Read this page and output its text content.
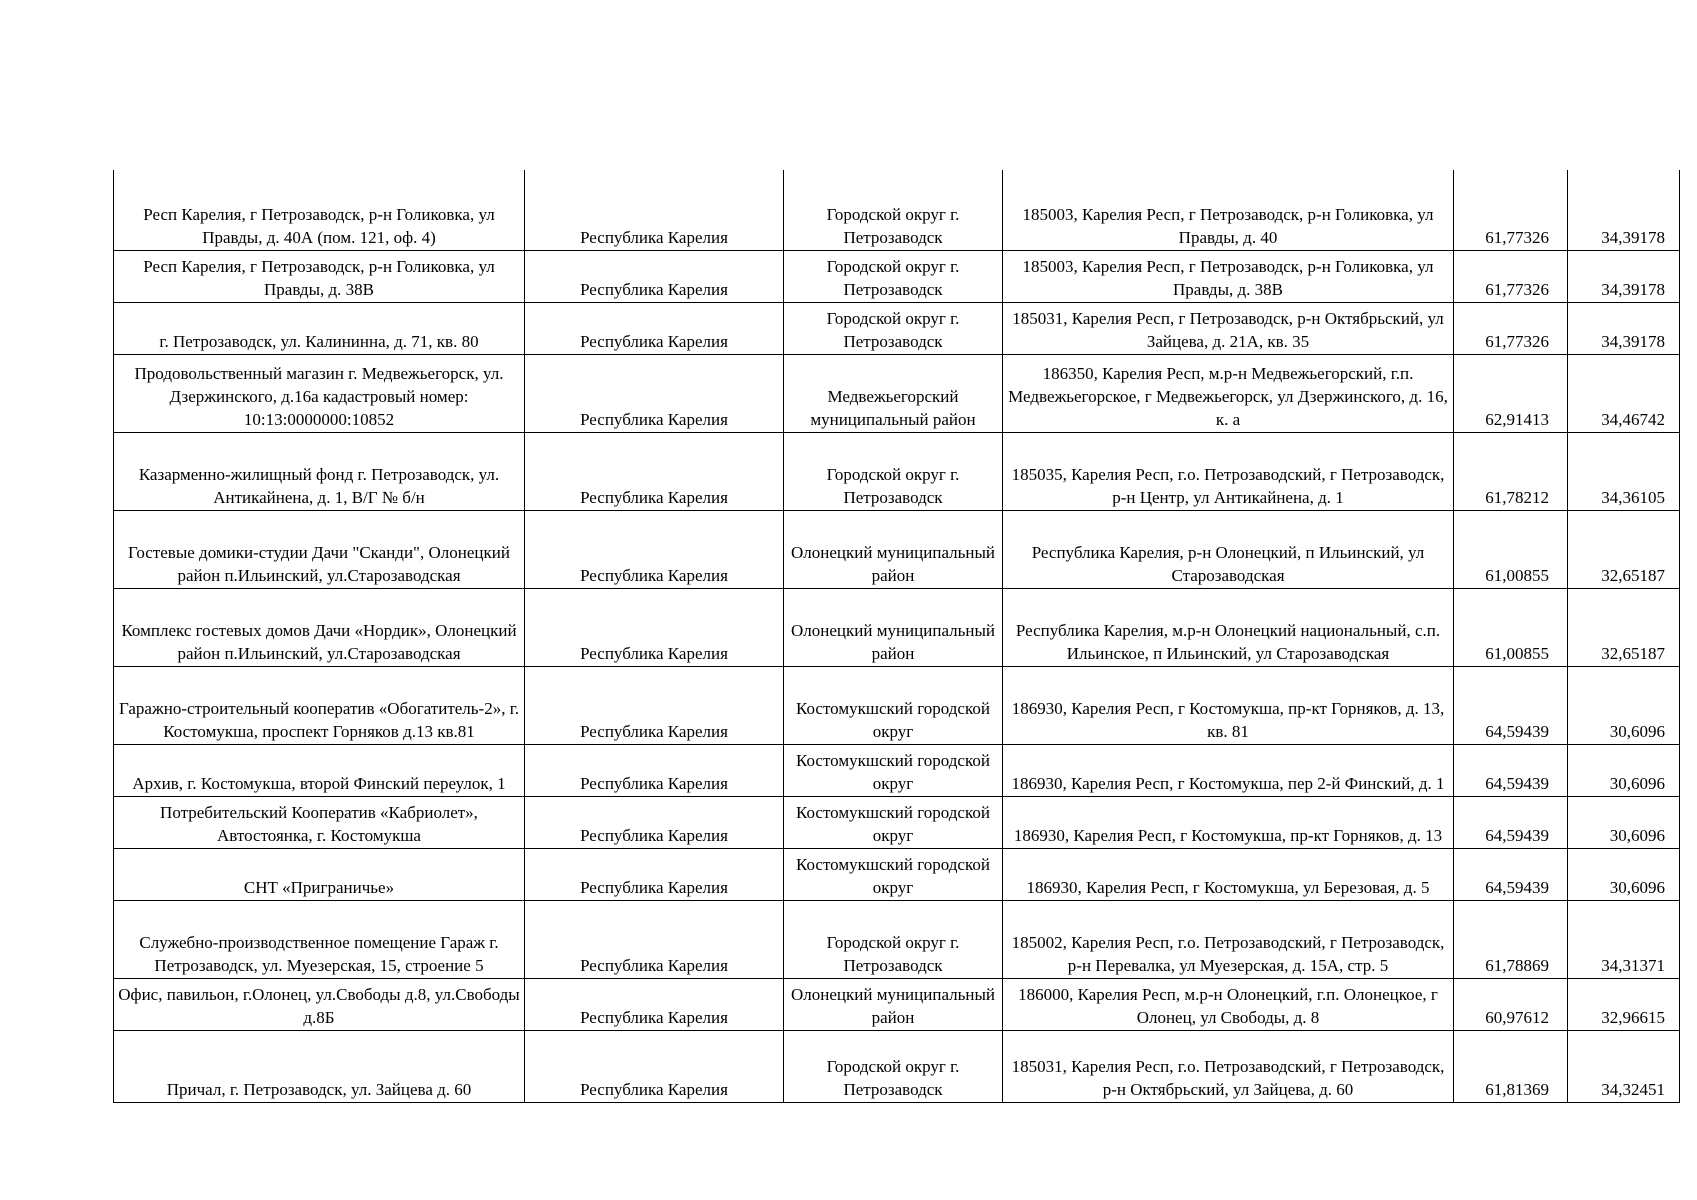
Респ Карелия, г Петрозаводск, р-н Голиковка, ул Правды, д. 40А (пом. 121, оф. 4)	Республика Карелия	Городской округ г. Петрозаводск	185003, Карелия Респ, г Петрозаводск, р-н Голиковка, ул Правды, д. 40	61,77326	34,39178
Респ Карелия, г Петрозаводск, р-н Голиковка, ул Правды, д. 38В	Республика Карелия	Городской округ г. Петрозаводск	185003, Карелия Респ, г Петрозаводск, р-н Голиковка, ул Правды, д. 38В	61,77326	34,39178
г. Петрозаводск, ул. Калининна, д. 71, кв. 80	Республика Карелия	Городской округ г. Петрозаводск	185031, Карелия Респ, г Петрозаводск, р-н Октябрьский, ул Зайцева, д. 21А, кв. 35	61,77326	34,39178
Продовольственный магазин г. Медвежьегорск, ул. Дзержинского, д.16а кадастровый номер: 10:13:0000000:10852	Республика Карелия	Медвежьегорский муниципальный район	186350, Карелия Респ, м.р-н Медвежьегорский, г.п. Медвежьегорское, г Медвежьегорск, ул Дзержинского, д. 16, к. а	62,91413	34,46742
Казарменно-жилищный фонд г. Петрозаводск, ул. Антикайнена, д. 1, В/Г № б/н	Республика Карелия	Городской округ г. Петрозаводск	185035, Карелия Респ, г.о. Петрозаводский, г Петрозаводск, р-н Центр, ул Антикайнена, д. 1	61,78212	34,36105
Гостевые домики-студии Дачи "Сканди", Олонецкий район п.Ильинский, ул.Старозаводская	Республика Карелия	Олонецкий муниципальный район	Республика Карелия, р-н Олонецкий, п Ильинский, ул Старозаводская	61,00855	32,65187
Комплекс гостевых домов Дачи «Нордик», Олонецкий район п.Ильинский, ул.Старозаводская	Республика Карелия	Олонецкий муниципальный район	Республика Карелия, м.р-н Олонецкий национальный, с.п. Ильинское, п Ильинский, ул Старозаводская	61,00855	32,65187
Гаражно-строительный кооператив «Обогатитель-2», г. Костомукша, проспект Горняков д.13 кв.81	Республика Карелия	Костомукшский городской округ	186930, Карелия Респ, г Костомукша, пр-кт Горняков, д. 13, кв. 81	64,59439	30,6096
Архив, г. Костомукша, второй Финский переулок, 1	Республика Карелия	Костомукшский городской округ	186930, Карелия Респ, г Костомукша, пер 2-й Финский, д. 1	64,59439	30,6096
Потребительский Кооператив «Кабриолет», Автостоянка, г. Костомукша	Республика Карелия	Костомукшский городской округ	186930, Карелия Респ, г Костомукша, пр-кт Горняков, д. 13	64,59439	30,6096
СНТ «Приграничье»	Республика Карелия	Костомукшский городской округ	186930, Карелия Респ, г Костомукша, ул Березовая, д. 5	64,59439	30,6096
Служебно-производственное помещение Гараж г. Петрозаводск, ул. Муезерская, 15, строение 5	Республика Карелия	Городской округ г. Петрозаводск	185002, Карелия Респ, г.о. Петрозаводский, г Петрозаводск, р-н Перевалка, ул Муезерская, д. 15А, стр. 5	61,78869	34,31371
Офис, павильон, г.Олонец, ул.Свободы д.8, ул.Свободы д.8Б	Республика Карелия	Олонецкий муниципальный район	186000, Карелия Респ, м.р-н Олонецкий, г.п. Олонецкое, г Олонец, ул Свободы, д. 8	60,97612	32,96615
Причал, г. Петрозаводск, ул. Зайцева д. 60	Республика Карелия	Городской округ г. Петрозаводск	185031, Карелия Респ, г.о. Петрозаводский, г Петрозаводск, р-н Октябрьский, ул Зайцева, д. 60	61,81369	34,32451
